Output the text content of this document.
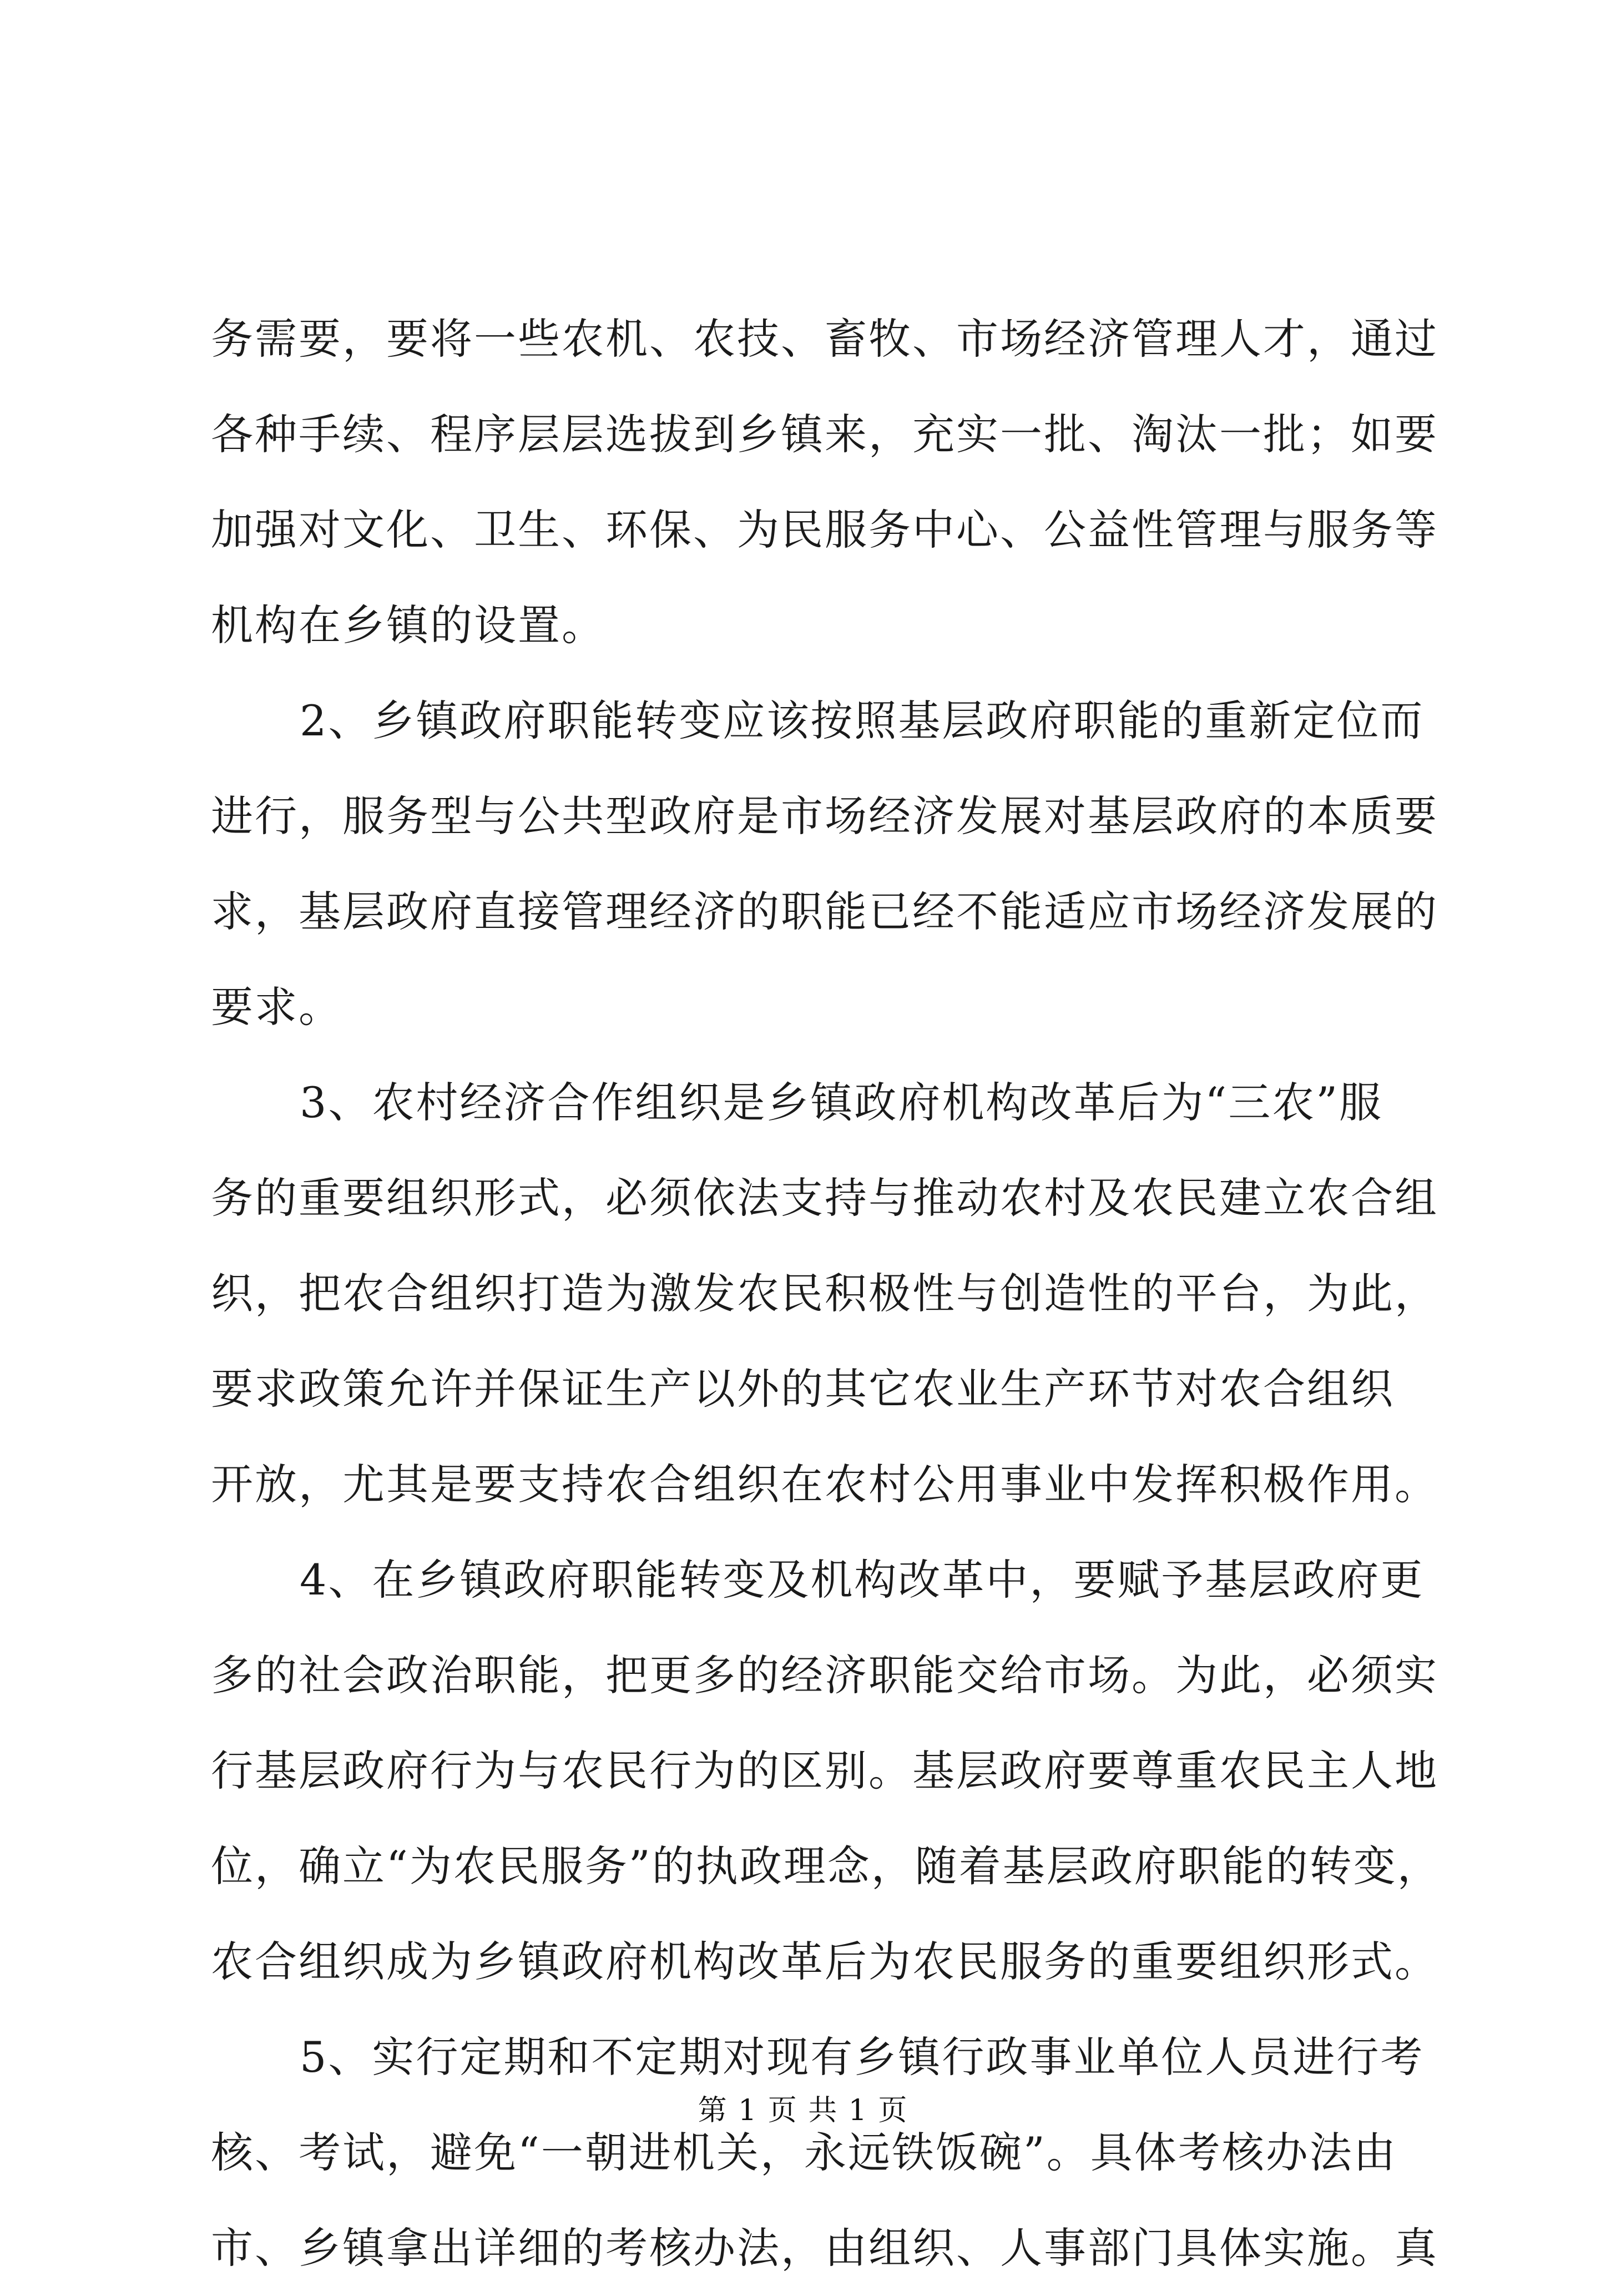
务需要，要将一些农机、农技、畜牧、市场经济管理人才，通过
各种手续、程序层层选拔到乡镇来，充实一批、淘汰一批；如要
加强对文化、卫生、环保、为民服务中心、公益性管理与服务等
机构在乡镇的设置。
2、乡镇政府职能转变应该按照基层政府职能的重新定位而
进行，服务型与公共型政府是市场经济发展对基层政府的本质要
求，基层政府直接管理经济的职能已经不能适应市场经济发展的
要求。
3、农村经济合作组织是乡镇政府机构改革后为“三农”服
务的重要组织形式，必须依法支持与推动农村及农民建立农合组
织，把农合组织打造为激发农民积极性与创造性的平台，为此，
要求政策允许并保证生产以外的其它农业生产环节对农合组织
开放，尤其是要支持农合组织在农村公用事业中发挥积极作用。
4、在乡镇政府职能转变及机构改革中，要赋予基层政府更
多的社会政治职能，把更多的经济职能交给市场。为此，必须实
行基层政府行为与农民行为的区别。基层政府要尊重农民主人地
位，确立“为农民服务”的执政理念，随着基层政府职能的转变，
农合组织成为乡镇政府机构改革后为农民服务的重要组织形式。
5、实行定期和不定期对现有乡镇行政事业单位人员进行考
核、考试，避免“一朝进机关，永远铁饭碗”。具体考核办法由
市、乡镇拿出详细的考核办法，由组织、人事部门具体实施。真
第 1 页 共 1 页
